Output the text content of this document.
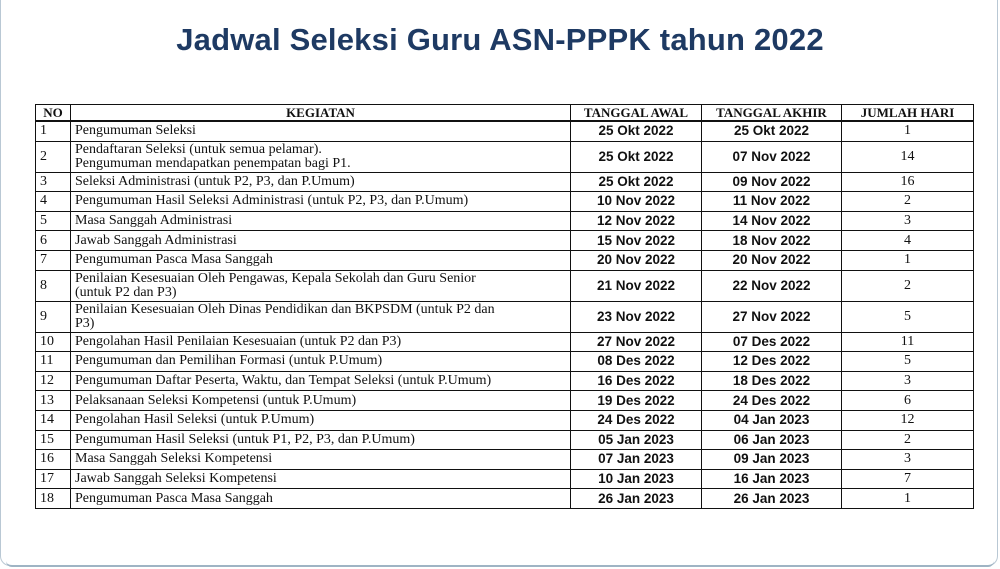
Jadwal Seleksi Guru ASN-PPPK tahun 2022
NO	KEGIATAN	TANGGAL AWAL	TANGGAL AKHIR	JUMLAH HARI
1	Pengumuman Seleksi	25 Okt 2022	25 Okt 2022	1
2	Pendaftaran Seleksi (untuk semua pelamar).
Pengumuman mendapatkan penempatan bagi P1.	25 Okt 2022	07 Nov 2022	14
3	Seleksi Administrasi (untuk P2, P3, dan P.Umum)	25 Okt 2022	09 Nov 2022	16
4	Pengumuman Hasil Seleksi Administrasi (untuk P2, P3, dan P.Umum)	10 Nov 2022	11 Nov 2022	2
5	Masa Sanggah Administrasi	12 Nov 2022	14 Nov 2022	3
6	Jawab Sanggah Administrasi	15 Nov 2022	18 Nov 2022	4
7	Pengumuman Pasca Masa Sanggah	20 Nov 2022	20 Nov 2022	1
8	Penilaian Kesesuaian Oleh Pengawas, Kepala Sekolah dan Guru Senior
(untuk P2 dan P3)	21 Nov 2022	22 Nov 2022	2
9	Penilaian Kesesuaian Oleh Dinas Pendidikan dan BKPSDM (untuk P2 dan
P3)	23 Nov 2022	27 Nov 2022	5
10	Pengolahan Hasil Penilaian Kesesuaian (untuk P2 dan P3)	27 Nov 2022	07 Des 2022	11
11	Pengumuman dan Pemilihan Formasi (untuk P.Umum)	08 Des 2022	12 Des 2022	5
12	Pengumuman Daftar Peserta, Waktu, dan Tempat Seleksi (untuk P.Umum)	16 Des 2022	18 Des 2022	3
13	Pelaksanaan Seleksi Kompetensi (untuk P.Umum)	19 Des 2022	24 Des 2022	6
14	Pengolahan Hasil Seleksi (untuk P.Umum)	24 Des 2022	04 Jan 2023	12
15	Pengumuman Hasil Seleksi (untuk P1, P2, P3, dan P.Umum)	05 Jan 2023	06 Jan 2023	2
16	Masa Sanggah Seleksi Kompetensi	07 Jan 2023	09 Jan 2023	3
17	Jawab Sanggah Seleksi Kompetensi	10 Jan 2023	16 Jan 2023	7
18	Pengumuman Pasca Masa Sanggah	26 Jan 2023	26 Jan 2023	1
